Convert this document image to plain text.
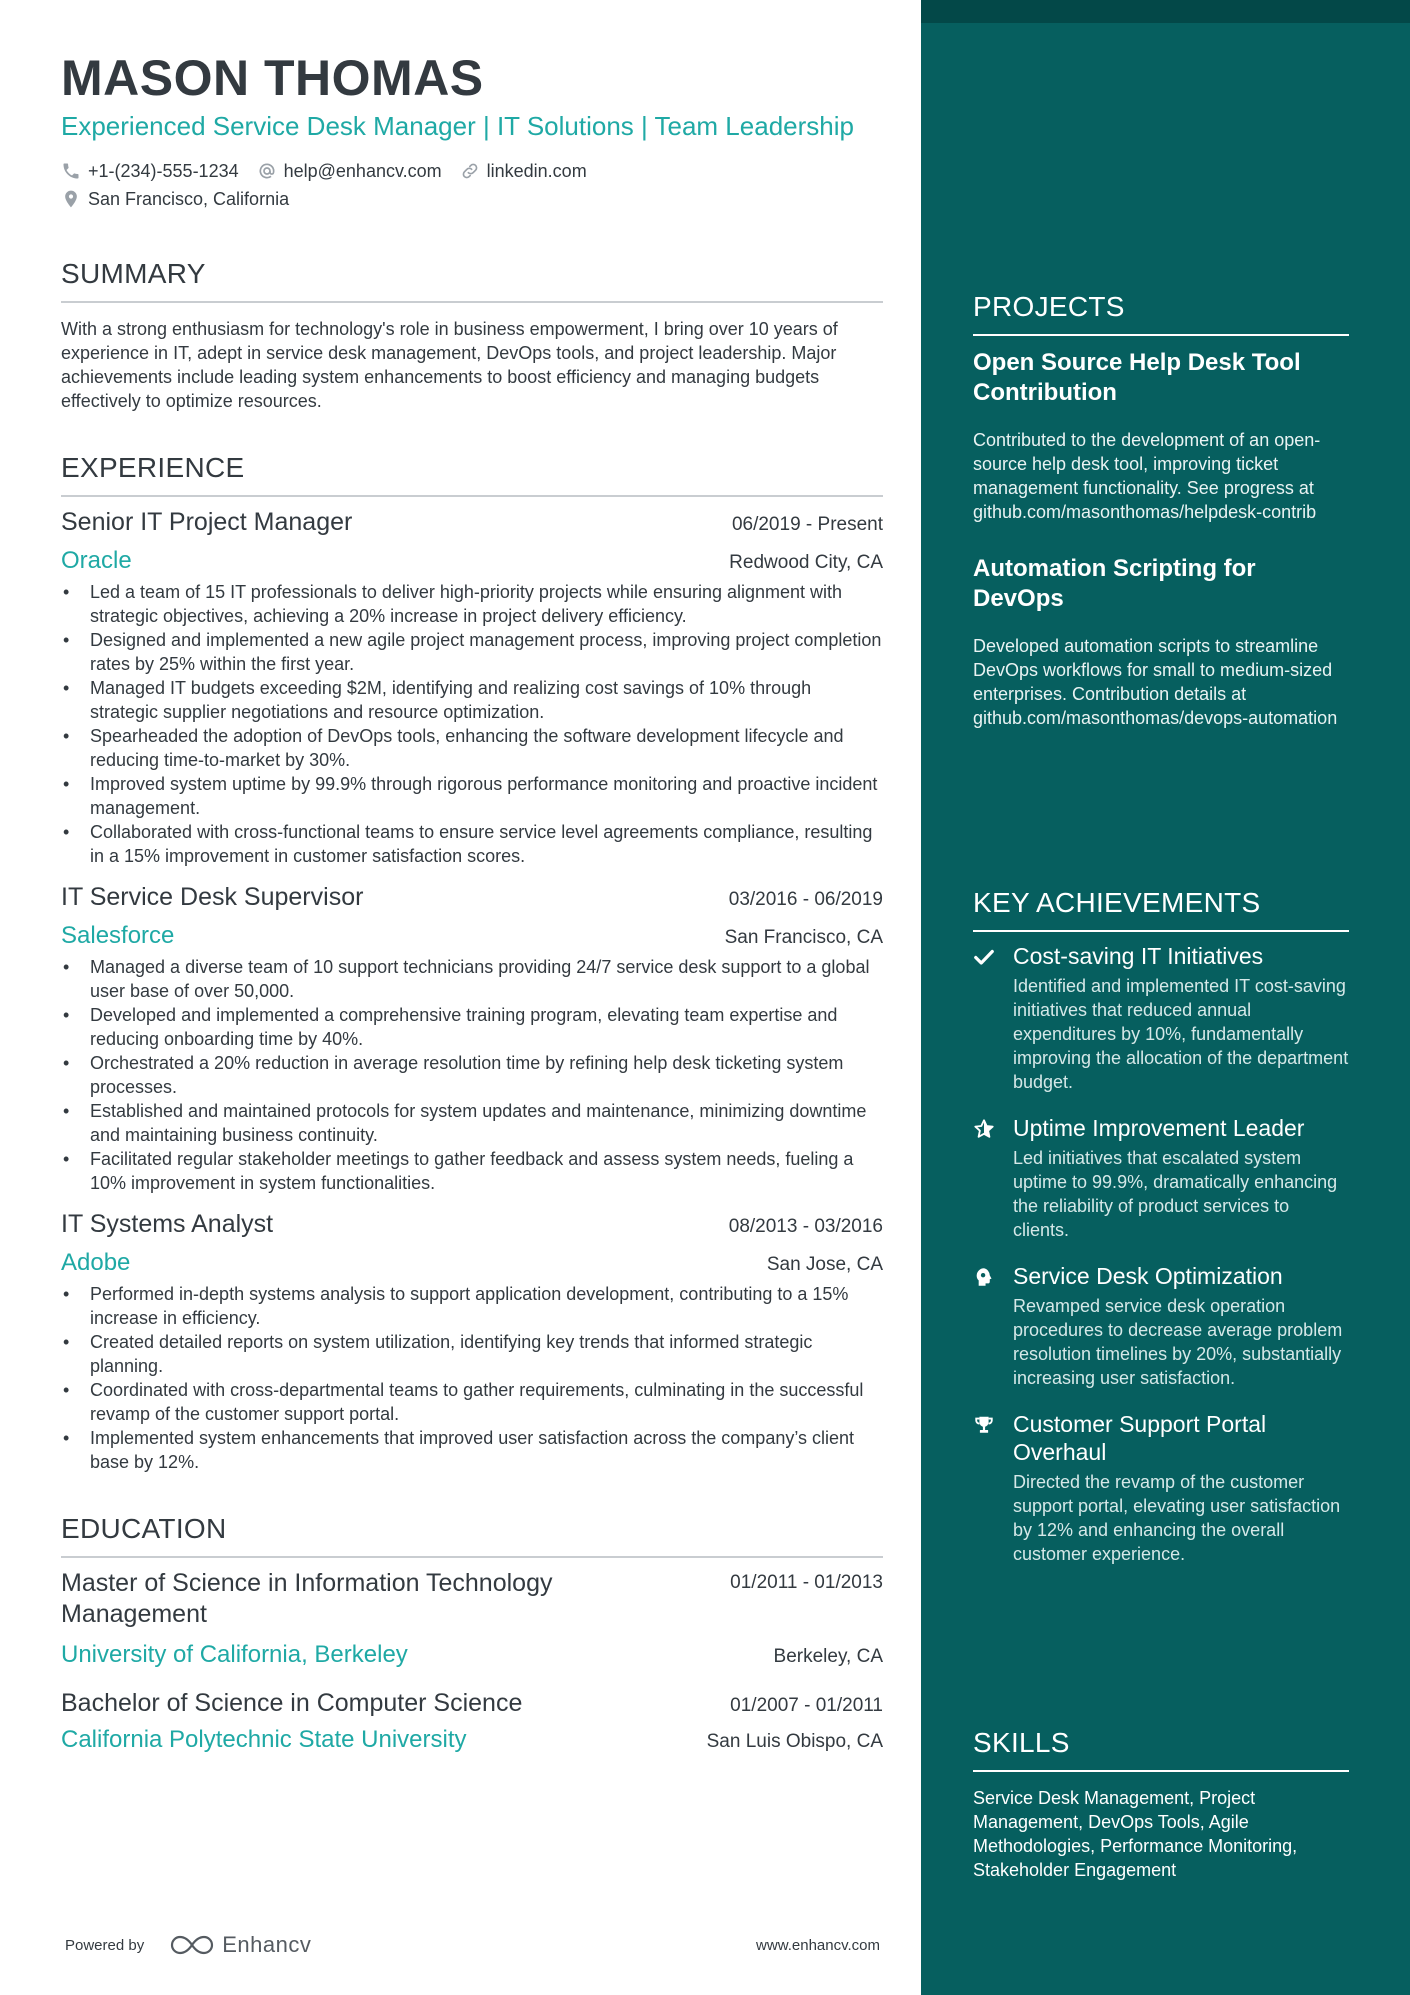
MASON THOMAS
Experienced Service Desk Manager | IT Solutions | Team Leadership
+1-(234)-555-1234	help@enhancv.com	linkedin.com
San Francisco, California
SUMMARY
With a strong enthusiasm for technology's role in business empowerment, I bring over 10 years of experience in IT, adept in service desk management, DevOps tools, and project leadership. Major achievements include leading system enhancements to boost efficiency and managing budgets effectively to optimize resources.
EXPERIENCE
Senior IT Project Manager	06/2019 - Present
Oracle	Redwood City, CA
• Led a team of 15 IT professionals to deliver high-priority projects while ensuring alignment with strategic objectives, achieving a 20% increase in project delivery efficiency.
• Designed and implemented a new agile project management process, improving project completion rates by 25% within the first year.
• Managed IT budgets exceeding $2M, identifying and realizing cost savings of 10% through strategic supplier negotiations and resource optimization.
• Spearheaded the adoption of DevOps tools, enhancing the software development lifecycle and reducing time-to-market by 30%.
• Improved system uptime by 99.9% through rigorous performance monitoring and proactive incident management.
• Collaborated with cross-functional teams to ensure service level agreements compliance, resulting in a 15% improvement in customer satisfaction scores.
IT Service Desk Supervisor	03/2016 - 06/2019
Salesforce	San Francisco, CA
• Managed a diverse team of 10 support technicians providing 24/7 service desk support to a global user base of over 50,000.
• Developed and implemented a comprehensive training program, elevating team expertise and reducing onboarding time by 40%.
• Orchestrated a 20% reduction in average resolution time by refining help desk ticketing system processes.
• Established and maintained protocols for system updates and maintenance, minimizing downtime and maintaining business continuity.
• Facilitated regular stakeholder meetings to gather feedback and assess system needs, fueling a 10% improvement in system functionalities.
IT Systems Analyst	08/2013 - 03/2016
Adobe	San Jose, CA
• Performed in-depth systems analysis to support application development, contributing to a 15% increase in efficiency.
• Created detailed reports on system utilization, identifying key trends that informed strategic planning.
• Coordinated with cross-departmental teams to gather requirements, culminating in the successful revamp of the customer support portal.
• Implemented system enhancements that improved user satisfaction across the company’s client base by 12%.
EDUCATION
Master of Science in Information Technology Management
01/2011 - 01/2013
University of California, Berkeley	Berkeley, CA
Bachelor of Science in Computer Science	01/2007 - 01/2011
California Polytechnic State University	San Luis Obispo, CA
PROJECTS
Open Source Help Desk Tool Contribution
Contributed to the development of an open-source help desk tool, improving ticket management functionality. See progress at github.com/masonthomas/helpdesk-contrib
Automation Scripting for DevOps
Developed automation scripts to streamline DevOps workflows for small to medium-sized enterprises. Contribution details at github.com/masonthomas/devops-automation
KEY ACHIEVEMENTS
Cost-saving IT Initiatives
Identified and implemented IT cost-saving initiatives that reduced annual expenditures by 10%, fundamentally improving the allocation of the department budget.
Uptime Improvement Leader
Led initiatives that escalated system uptime to 99.9%, dramatically enhancing the reliability of product services to clients.
Service Desk Optimization
Revamped service desk operation procedures to decrease average problem resolution timelines by 20%, substantially increasing user satisfaction.
Customer Support Portal Overhaul
Directed the revamp of the customer support portal, elevating user satisfaction by 12% and enhancing the overall customer experience.
SKILLS
Service Desk Management, Project Management, DevOps Tools, Agile Methodologies, Performance Monitoring, Stakeholder Engagement
Powered by	Enhancv	www.enhancv.com
